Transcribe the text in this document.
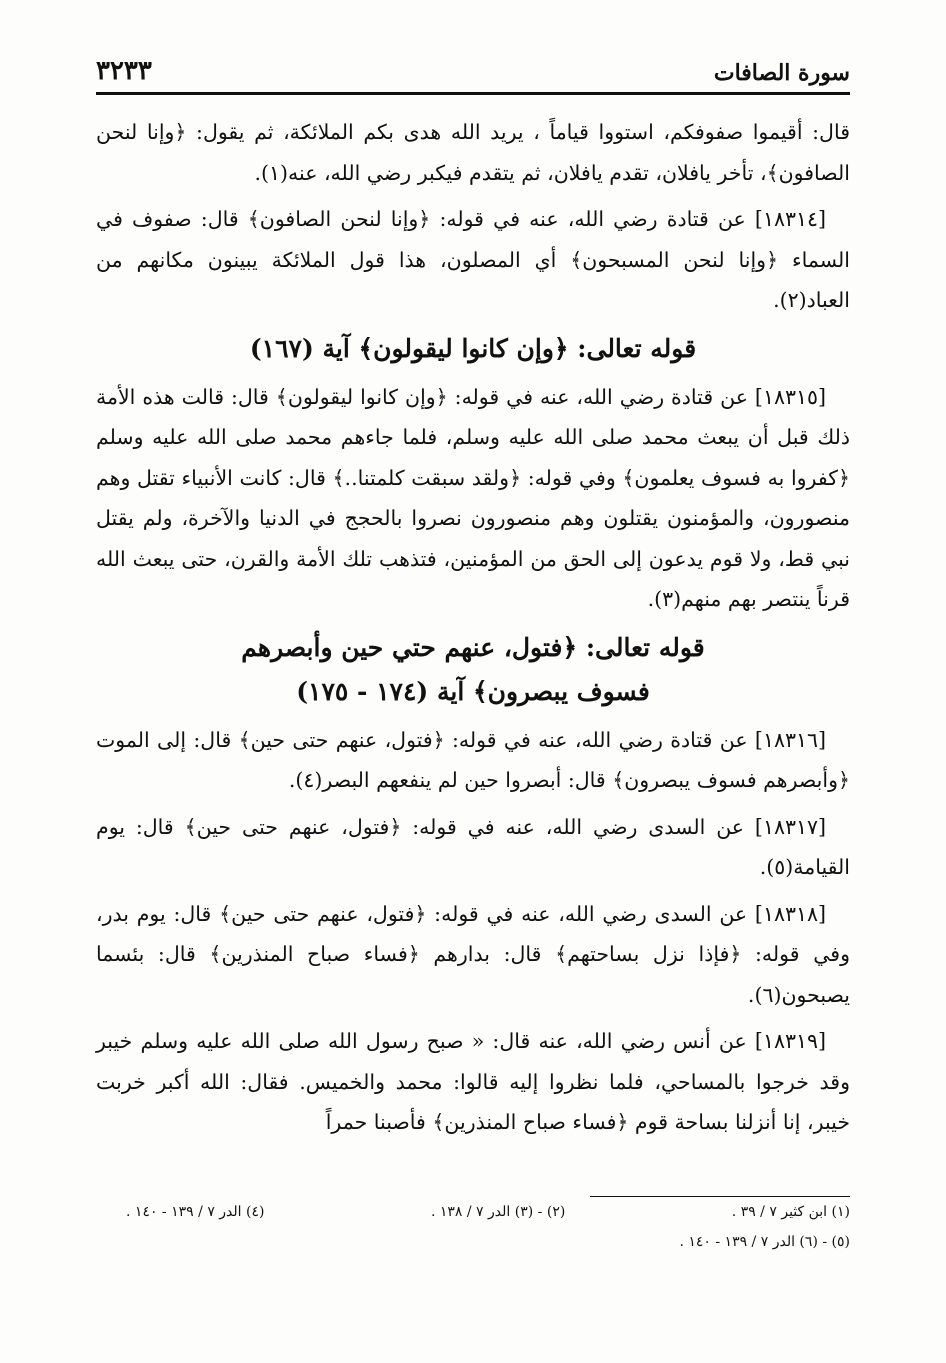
٣٢٣٣	سورة الصافات

قال: أقيموا صفوفكم، استووا قياماً ، يريد الله هدى بكم الملائكة، ثم يقول: ﴿وإنا لنحن الصافون﴾، تأخر يافلان، تقدم يافلان، ثم يتقدم فيكبر رضي الله، عنه(١).

[١٨٣١٤] عن قتادة رضي الله، عنه في قوله: ﴿وإنا لنحن الصافون﴾ قال: صفوف في السماء ﴿وإنا لنحن المسبحون﴾ أي المصلون، هذا قول الملائكة يبينون مكانهم من العباد(٢).

قوله تعالى: ﴿وإن كانوا ليقولون﴾ آية (١٦٧)

[١٨٣١٥] عن قتادة رضي الله، عنه في قوله: ﴿وإن كانوا ليقولون﴾ قال: قالت هذه الأمة ذلك قبل أن يبعث محمد صلى الله عليه وسلم، فلما جاءهم محمد صلى الله عليه وسلم ﴿كفروا به فسوف يعلمون﴾ وفي قوله: ﴿ولقد سبقت كلمتنا..﴾ قال: كانت الأنبياء تقتل وهم منصورون، والمؤمنون يقتلون وهم منصورون نصروا بالحجج في الدنيا والآخرة، ولم يقتل نبي قط، ولا قوم يدعون إلى الحق من المؤمنين، فتذهب تلك الأمة والقرن، حتى يبعث الله قرناً ينتصر بهم منهم(٣).

قوله تعالى: ﴿فتول، عنهم حتي حين وأبصرهم
فسوف يبصرون﴾ آية (١٧٤ - ١٧٥)

[١٨٣١٦] عن قتادة رضي الله، عنه في قوله: ﴿فتول، عنهم حتى حين﴾ قال: إلى الموت ﴿وأبصرهم فسوف يبصرون﴾ قال: أبصروا حين لم ينفعهم البصر(٤).

[١٨٣١٧] عن السدى رضي الله، عنه في قوله: ﴿فتول، عنهم حتى حين﴾ قال: يوم القيامة(٥).

[١٨٣١٨] عن السدى رضي الله، عنه في قوله: ﴿فتول، عنهم حتى حين﴾ قال: يوم بدر، وفي قوله: ﴿فإذا نزل بساحتهم﴾ قال: بدارهم ﴿فساء صباح المنذرين﴾ قال: بئسما يصبحون(٦).

[١٨٣١٩] عن أنس رضي الله، عنه قال: « صبح رسول الله صلى الله عليه وسلم خيبر وقد خرجوا بالمساحي، فلما نظروا إليه قالوا: محمد والخميس. فقال: الله أكبر خربت خيبر، إنا أنزلنا بساحة قوم ﴿فساء صباح المنذرين﴾ فأصبنا حمراً

(١) ابن كثير ٧ / ٣٩ .
(٢) - (٣) الدر ٧ / ١٣٨ .
(٤) الدر ٧ / ١٣٩ - ١٤٠ .
(٥) - (٦) الدر ٧ / ١٣٩ - ١٤٠ .
